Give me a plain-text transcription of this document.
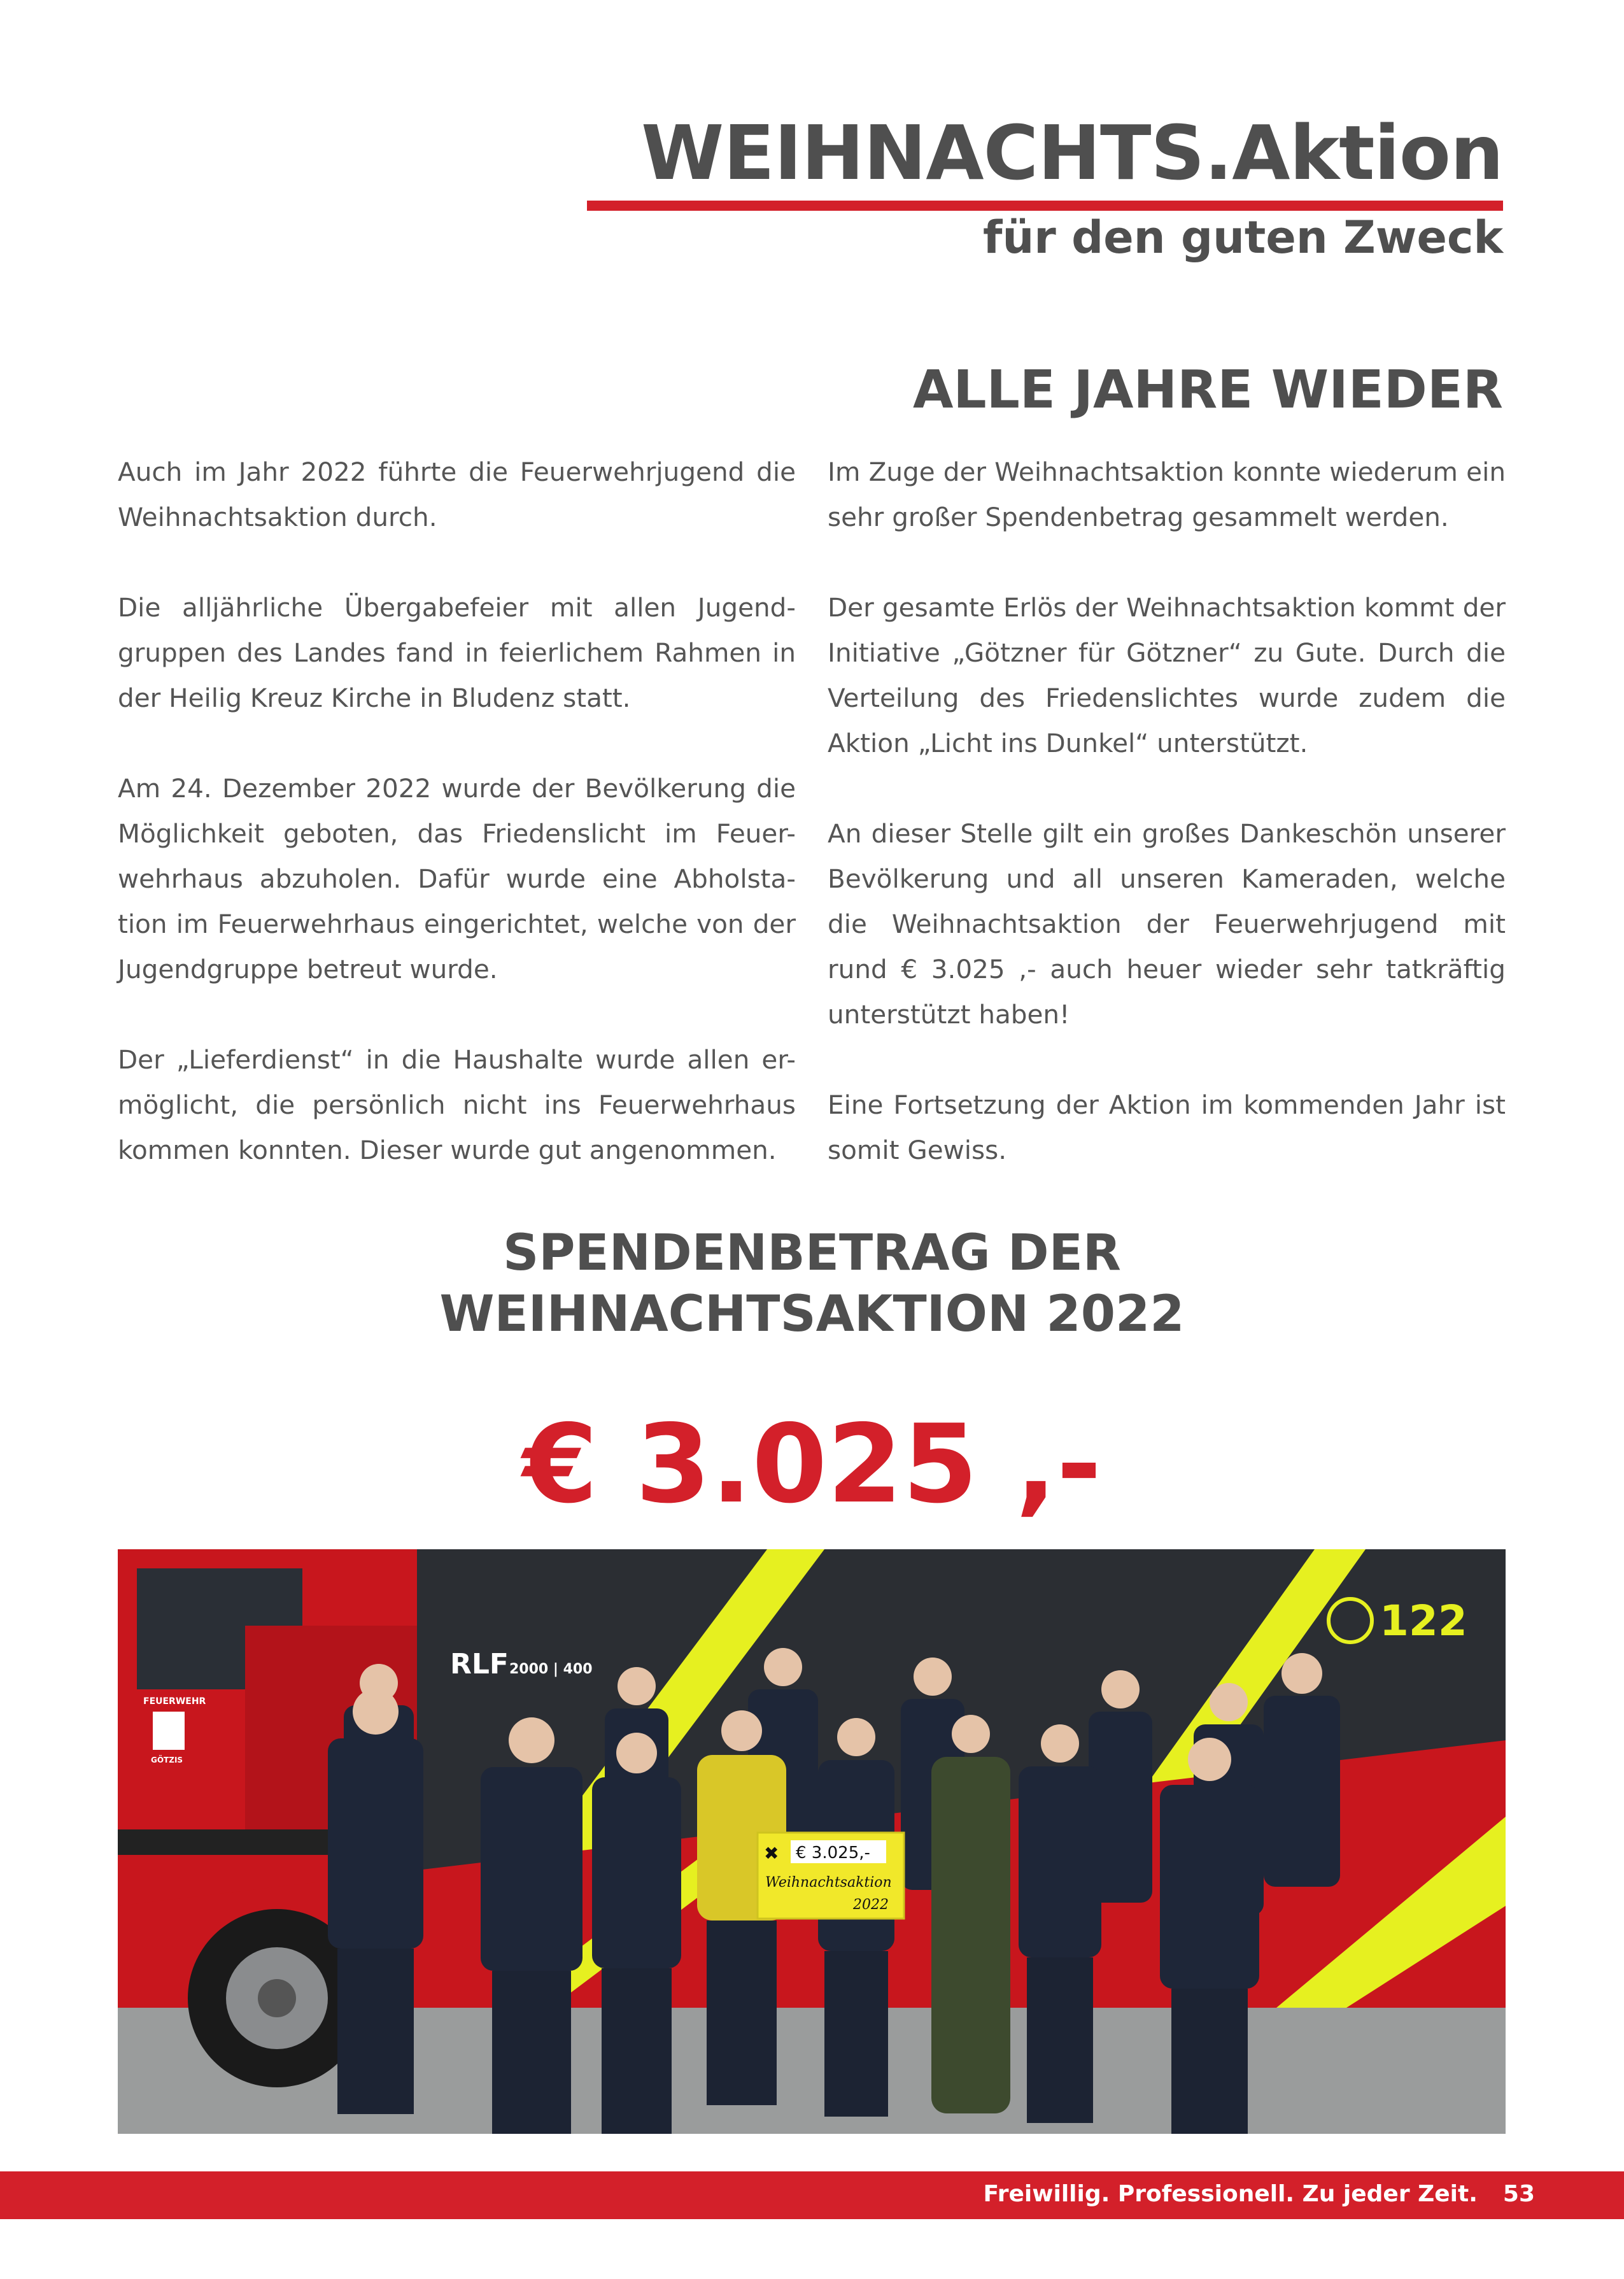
WEIHNACHTS.Aktion
für den guten Zweck
ALLE JAHRE WIEDER

Auch im Jahr 2022 führte die Feuerwehrjugend die Weihnachtsaktion durch.

Die alljährliche Übergabefeier mit allen Jugend-gruppen des Landes fand in feierlichem Rahmen in der Heilig Kreuz Kirche in Bludenz statt.

Am 24. Dezember 2022 wurde der Bevölkerung die Möglichkeit geboten, das Friedenslicht im Feuer-wehrhaus abzuholen. Dafür wurde eine Abholsta-tion im Feuerwehrhaus eingerichtet, welche von der Jugendgruppe betreut wurde.

Der „Lieferdienst“ in die Haushalte wurde allen er-möglicht, die persönlich nicht ins Feuerwehrhaus kommen konnten. Dieser wurde gut angenommen.

Im Zuge der Weihnachtsaktion konnte wiederum ein sehr großer Spendenbetrag gesammelt werden.

Der gesamte Erlös der Weihnachtsaktion kommt der Initiative „Götzner für Götzner“ zu Gute. Durch die Verteilung des Friedenslichtes wurde zudem die Aktion „Licht ins Dunkel“ unterstützt.

An dieser Stelle gilt ein großes Dankeschön unserer Bevölkerung und all unseren Kameraden, welche die Weihnachtsaktion der Feuerwehrjugend mit rund € 3.025 ,- auch heuer wieder sehr tatkräftig unterstützt haben!

Eine Fortsetzung der Aktion im kommenden Jahr ist somit Gewiss.

SPENDENBETRAG DER
WEIHNACHTSAKTION 2022
€ 3.025 ,-
RLF 2000 | 400
122
FEUERWEHR
GÖTZIS
✖ € 3.025,-
Weihnachtsaktion
2022
Freiwillig. Professionell. Zu jeder Zeit. 53
